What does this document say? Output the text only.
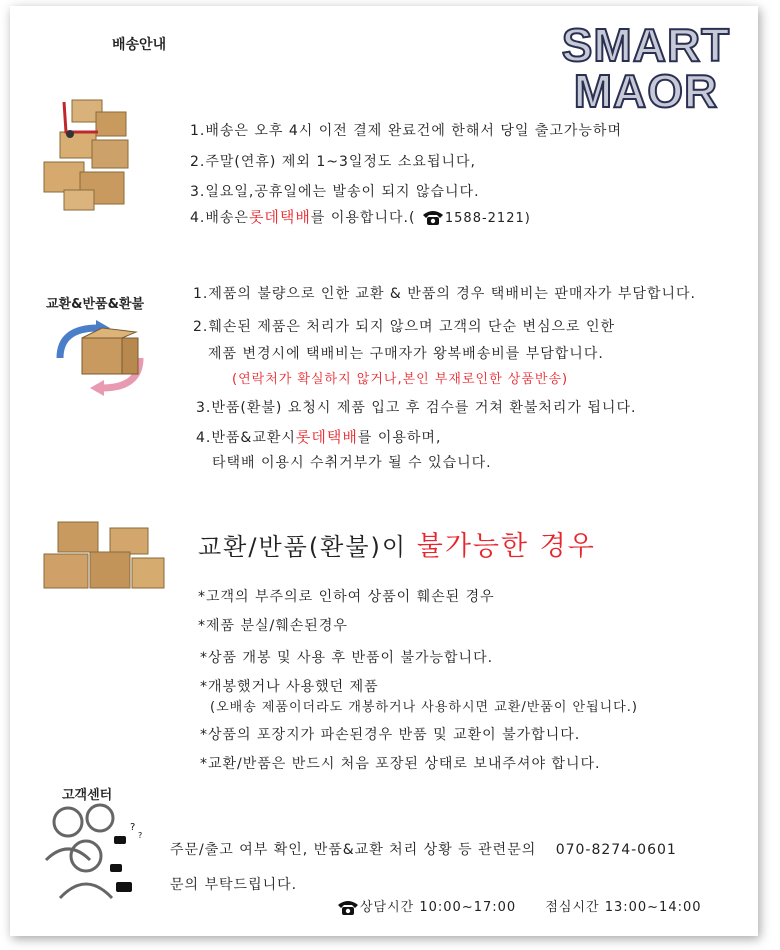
배송안내	SMART
MAOR
1.배송은 오후 4시 이전 결제 완료건에 한해서 당일 출고가능하며
2.주말(연휴) 제외 1~3일정도 소요됩니다,
3.일요일,공휴일에는 발송이 되지 않습니다.
4.배송은롯데택배를 이용합니다.( 1588-2121)
교환&반품&환불
1.제품의 불량으로 인한 교환 & 반품의 경우 택배비는 판매자가 부담합니다.
2.훼손된 제품은 처리가 되지 않으며 고객의 단순 변심으로 인한
제품 변경시에 택배비는 구매자가 왕복배송비를 부담합니다.
(연락처가 확실하지 않거나,본인 부재로인한 상품반송)
3.반품(환불) 요청시 제품 입고 후 검수를 거쳐 환불처리가 됩니다.
4.반품&교환시롯데택배를 이용하며,
타택배 이용시 수취거부가 될 수 있습니다.
교환/반품(환불)이 불가능한 경우
*고객의 부주의로 인하여 상품이 훼손된 경우
*제품 분실/훼손된경우
*상품 개봉 및 사용 후 반품이 불가능합니다.
*개봉했거나 사용했던 제품
(오배송 제품이더라도 개봉하거나 사용하시면 교환/반품이 안됩니다.)
*상품의 포장지가 파손된경우 반품 및 교환이 불가합니다.
*교환/반품은 반드시 처음 포장된 상태로 보내주셔야 합니다.
고객센터
?
?
주문/출고 여부 확인, 반품&교환 처리 상황 등 관련문의 070-8274-0601
문의 부탁드립니다.
상담시간 10:00~17:00 점심시간 13:00~14:00
